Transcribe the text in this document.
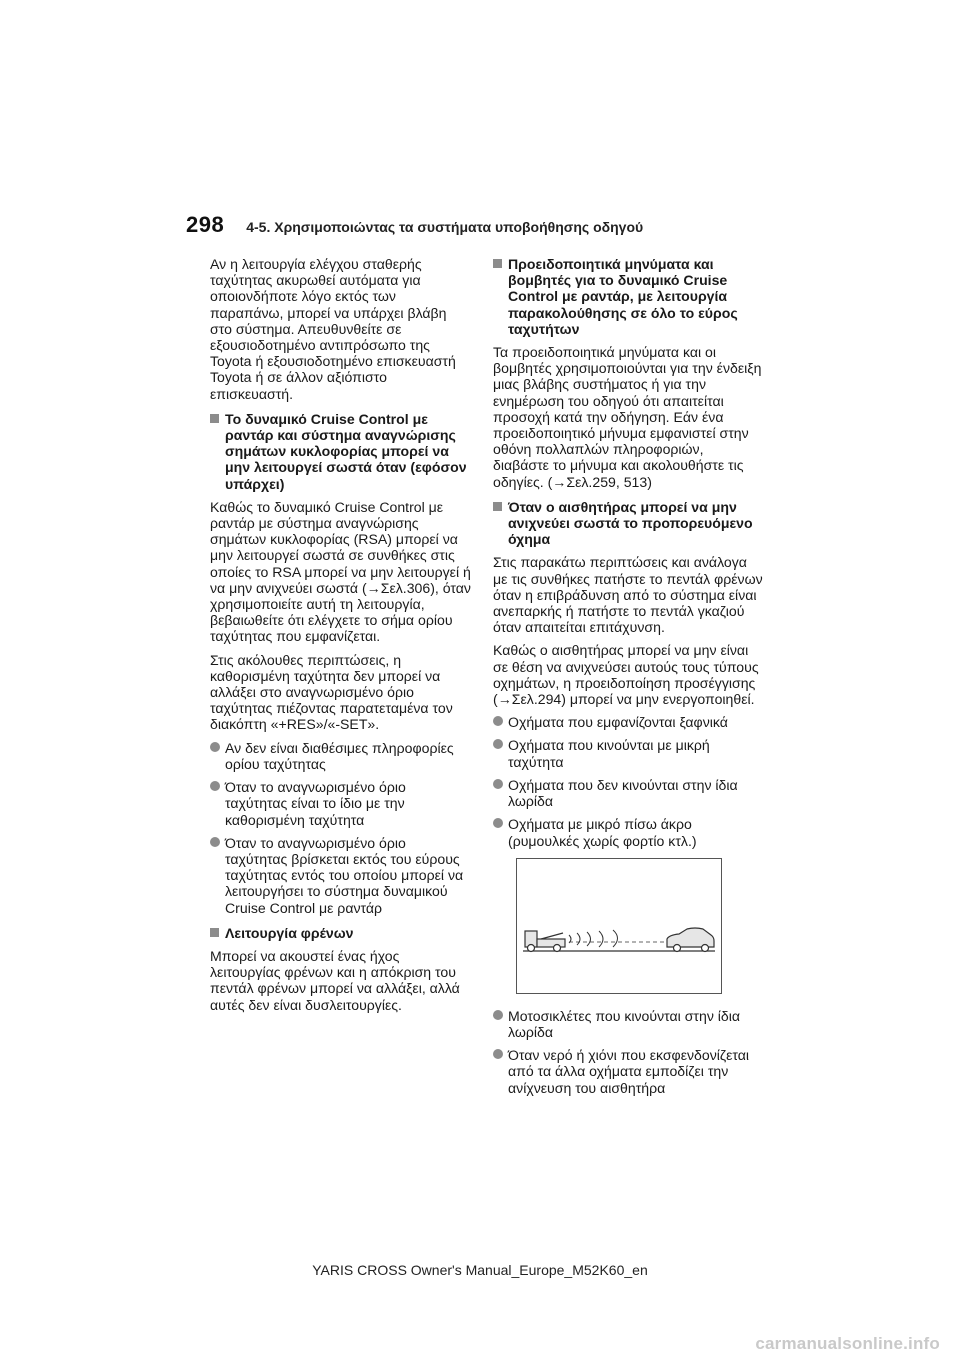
298 4-5. Χρησιμοποιώντας τα συστήματα υποβοήθησης οδηγού

Αν η λειτουργία ελέγχου σταθερής ταχύτητας ακυρωθεί αυτόματα για οποιονδήποτε λόγο εκτός των παραπάνω, μπορεί να υπάρχει βλάβη στο σύστημα. Απευθυνθείτε σε εξουσιοδοτημένο αντιπρόσωπο της Toyota ή εξουσιοδοτημένο επισκευαστή Toyota ή σε άλλον αξιόπιστο επισκευαστή.

Το δυναμικό Cruise Control με ραντάρ και σύστημα αναγνώρισης σημάτων κυκλοφορίας μπορεί να μην λειτουργεί σωστά όταν (εφόσον υπάρχει)

Καθώς το δυναμικό Cruise Control με ραντάρ με σύστημα αναγνώρισης σημάτων κυκλοφορίας (RSA) μπορεί να μην λειτουργεί σωστά σε συνθήκες στις οποίες το RSA μπορεί να μην λειτουργεί ή να μην ανιχνεύει σωστά (→Σελ.306), όταν χρησιμοποιείτε αυτή τη λειτουργία, βεβαιωθείτε ότι ελέγχετε το σήμα ορίου ταχύτητας που εμφανίζεται.

Στις ακόλουθες περιπτώσεις, η καθορισμένη ταχύτητα δεν μπορεί να αλλάξει στο αναγνωρισμένο όριο ταχύτητας πιέζοντας παρατεταμένα τον διακόπτη «+RES»/«-SET».

Αν δεν είναι διαθέσιμες πληροφορίες ορίου ταχύτητας
Όταν το αναγνωρισμένο όριο ταχύτητας είναι το ίδιο με την καθορισμένη ταχύτητα
Όταν το αναγνωρισμένο όριο ταχύτητας βρίσκεται εκτός του εύρους ταχύτητας εντός του οποίου μπορεί να λειτουργήσει το σύστημα δυναμικού Cruise Control με ραντάρ
Λειτουργία φρένων

Μπορεί να ακουστεί ένας ήχος λειτουργίας φρένων και η απόκριση του πεντάλ φρένων μπορεί να αλλάξει, αλλά αυτές δεν είναι δυσλειτουργίες.

Προειδοποιητικά μηνύματα και βομβητές για το δυναμικό Cruise Control με ραντάρ, με λειτουργία παρακολούθησης σε όλο το εύρος ταχυτήτων

Τα προειδοποιητικά μηνύματα και οι βομβητές χρησιμοποιούνται για την ένδειξη μιας βλάβης συστήματος ή για την ενημέρωση του οδηγού ότι απαιτείται προσοχή κατά την οδήγηση. Εάν ένα προειδοποιητικό μήνυμα εμφανιστεί στην οθόνη πολλαπλών πληροφοριών, διαβάστε το μήνυμα και ακολουθήστε τις οδηγίες. (→Σελ.259, 513)

Όταν ο αισθητήρας μπορεί να μην ανιχνεύει σωστά το προπορευόμενο όχημα

Στις παρακάτω περιπτώσεις και ανάλογα με τις συνθήκες πατήστε το πεντάλ φρένων όταν η επιβράδυνση από το σύστημα είναι ανεπαρκής ή πατήστε το πεντάλ γκαζιού όταν απαιτείται επιτάχυνση.

Καθώς ο αισθητήρας μπορεί να μην είναι σε θέση να ανιχνεύσει αυτούς τους τύπους οχημάτων, η προειδοποίηση προσέγγισης (→Σελ.294) μπορεί να μην ενεργοποιηθεί.

Οχήματα που εμφανίζονται ξαφνικά
Οχήματα που κινούνται με μικρή ταχύτητα
Οχήματα που δεν κινούνται στην ίδια λωρίδα
Οχήματα με μικρό πίσω άκρο (ρυμουλκές χωρίς φορτίο κτλ.)
Μοτοσικλέτες που κινούνται στην ίδια λωρίδα
Όταν νερό ή χιόνι που εκσφενδονίζεται από τα άλλα οχήματα εμποδίζει την ανίχνευση του αισθητήρα
YARIS CROSS Owner's Manual_Europe_M52K60_en
carmanualsonline.info
